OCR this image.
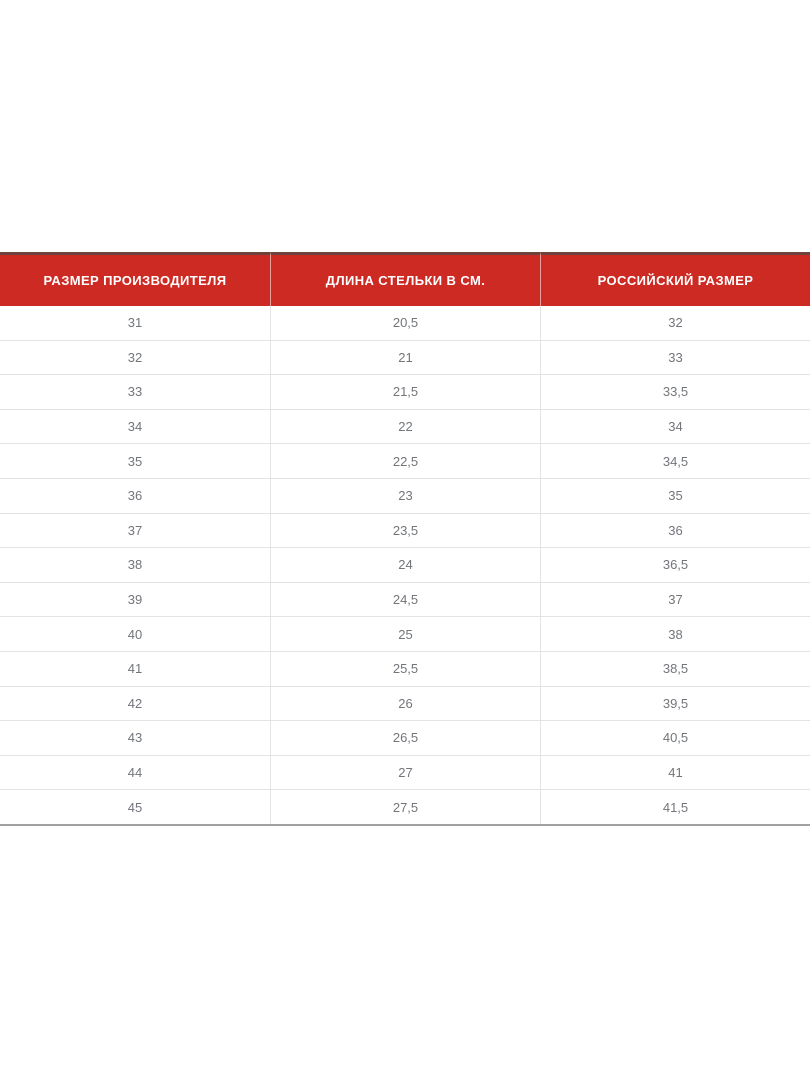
РАЗМЕР ПРОИЗВОДИТЕЛЯ	ДЛИНА СТЕЛЬКИ В СМ.	РОССИЙСКИЙ РАЗМЕР
31	20,5	32
32	21	33
33	21,5	33,5
34	22	34
35	22,5	34,5
36	23	35
37	23,5	36
38	24	36,5
39	24,5	37
40	25	38
41	25,5	38,5
42	26	39,5
43	26,5	40,5
44	27	41
45	27,5	41,5
